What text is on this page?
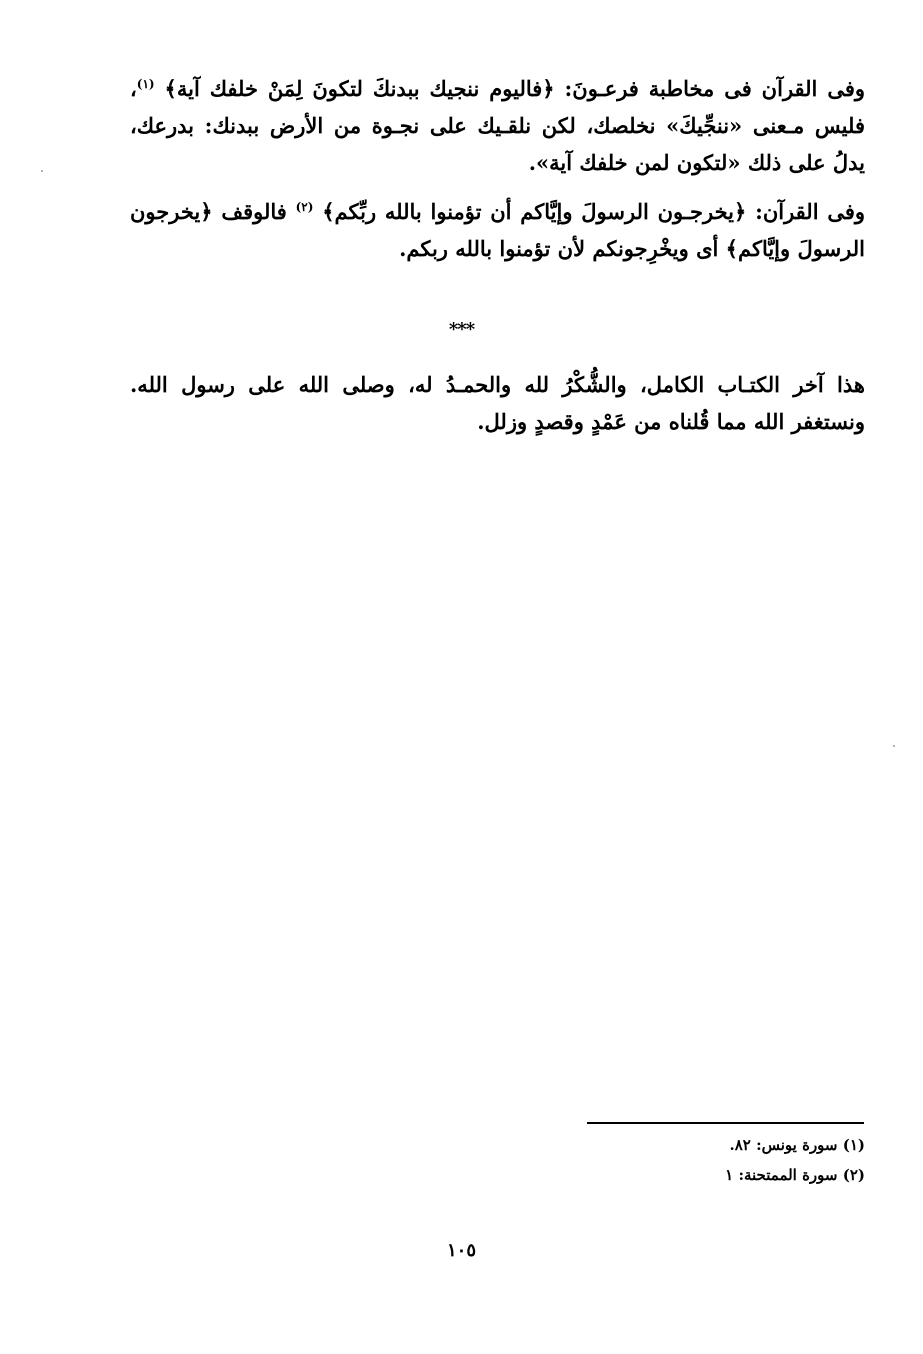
وفى القرآن فى مخاطبة فرعـونَ: ﴿فاليوم ننجيك ببدنكَ لتكونَ لِمَنْ خلفك آية﴾ $^{(١)}$، فليس مـعنى «ننجِّيكَ» نخلصك، لكن نلقـيك على نجـوة من الأرض ببدنك: بدرعك، يدلُ على ذلك «لتكون لمن خلفك آية».

وفى القرآن: ﴿يخرجـون الرسولَ وإيَّاكم أن تؤمنوا بالله ربِّكم﴾ $^{(٢)}$ فالوقف ﴿يخرجون الرسولَ وإيَّاكم﴾ أى ويخْرِجونكم لأن تؤمنوا بالله ربكم.

***

هذا آخر الكتـاب الكامل، والشُّكْرُ لله والحمـدُ له، وصلى الله على رسول الله. ونستغفر الله مما قُلناه من عَمْدٍ وقصدٍ وزلل.

(١) سورة يونس: ٨٢.

(٢) سورة الممتحنة: ١

١٠٥
